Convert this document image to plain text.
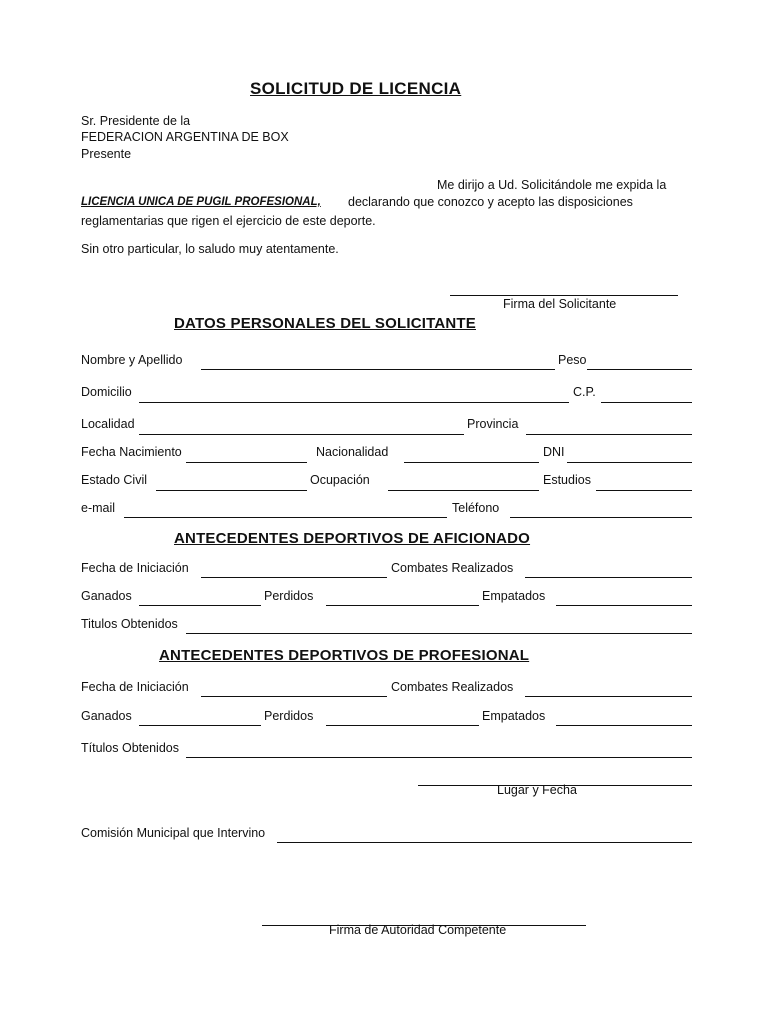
SOLICITUD DE LICENCIA
Sr. Presidente de la
FEDERACION ARGENTINA DE BOX
Presente
Me dirijo a Ud. Solicitándole me expida la
LICENCIA UNICA DE PUGIL PROFESIONAL, declarando que conozco y acepto las disposiciones
reglamentarias que rigen el ejercicio de este deporte.
Sin otro particular, lo saludo muy atentamente.
Firma del Solicitante
DATOS PERSONALES DEL SOLICITANTE
Nombre y Apellido	Peso
Domicilio	C.P.
Localidad	Provincia
Fecha Nacimiento	Nacionalidad	DNI
Estado Civil	Ocupación	Estudios
e-mail	Teléfono
ANTECEDENTES DEPORTIVOS DE AFICIONADO
Fecha de Iniciación	Combates Realizados
Ganados	Perdidos	Empatados
Titulos Obtenidos
ANTECEDENTES DEPORTIVOS DE PROFESIONAL
Fecha de Iniciación	Combates Realizados
Ganados	Perdidos	Empatados
Títulos Obtenidos
Lugar y Fecha
Comisión Municipal que Intervino
Firma de Autoridad Competente
